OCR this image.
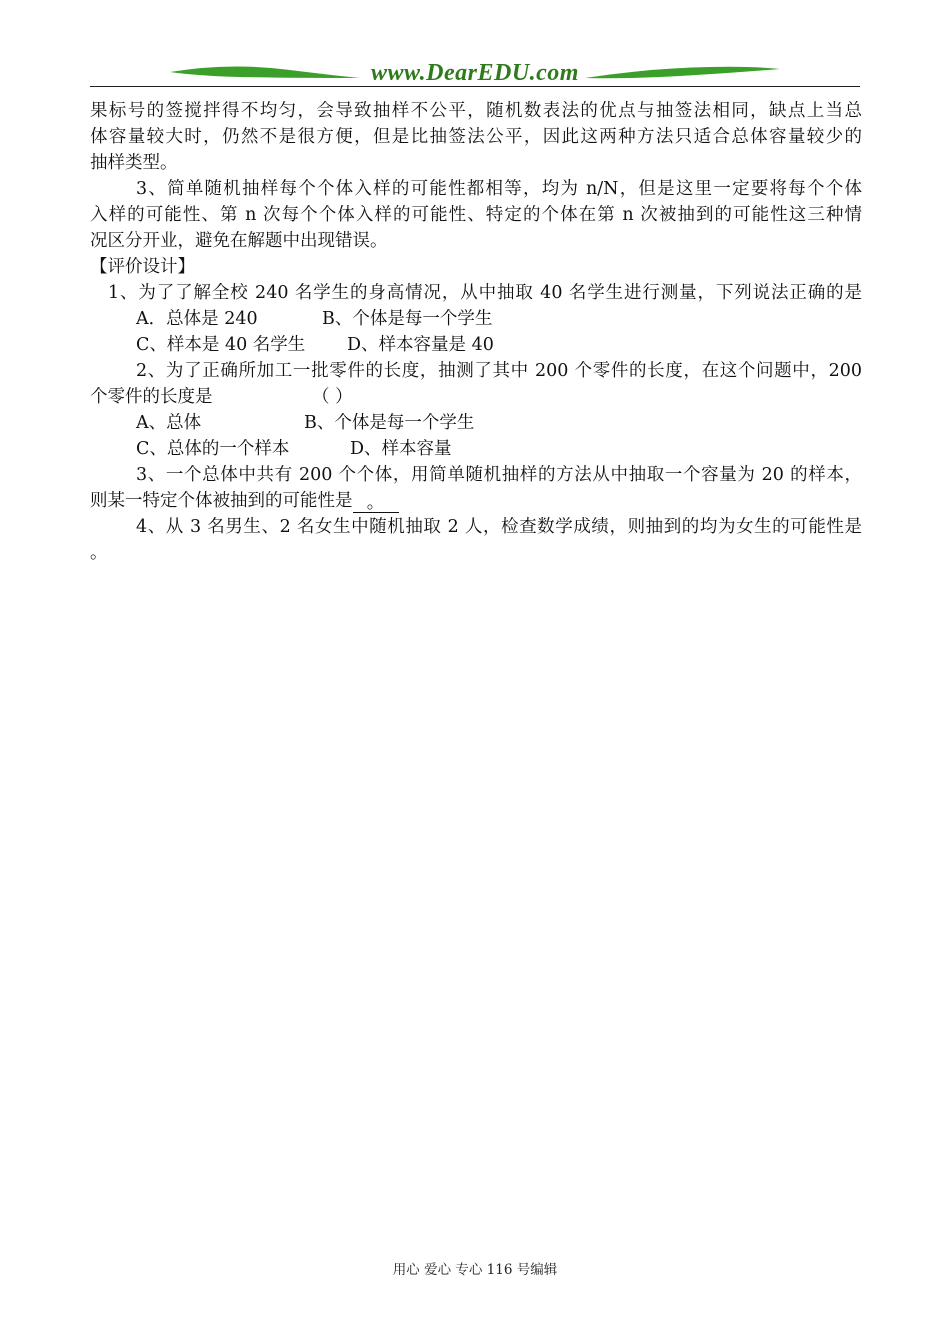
www.DearEDU.com
果标号的签搅拌得不均匀，会导致抽样不公平，随机数表法的优点与抽签法相同，缺点上当总
体容量较大时，仍然不是很方便，但是比抽签法公平，因此这两种方法只适合总体容量较少的
抽样类型。
3、简单随机抽样每个个体入样的可能性都相等，均为 n/N，但是这里一定要将每个个体
入样的可能性、第 n 次每个个体入样的可能性、特定的个体在第 n 次被抽到的可能性这三种情
况区分开业，避免在解题中出现错误。
【评价设计】
1、为了了解全校 240 名学生的身高情况，从中抽取 40 名学生进行测量，下列说法正确的是
A．总体是 240	B、个体是每一个学生
C、样本是 40 名学生 D、样本容量是 40
2、为了正确所加工一批零件的长度，抽测了其中 200 个零件的长度，在这个问题中，200
个零件的长度是	（ ）
A、总体	B、个体是每一个学生
C、总体的一个样本	D、样本容量
3、一个总体中共有 200 个个体，用简单随机抽样的方法从中抽取一个容量为 20 的样本，
则某一特定个体被抽到的可能性是 。
4、从 3 名男生、2 名女生中随机抽取 2 人，检查数学成绩，则抽到的均为女生的可能性是
。
用心 爱心 专心 116 号编辑
